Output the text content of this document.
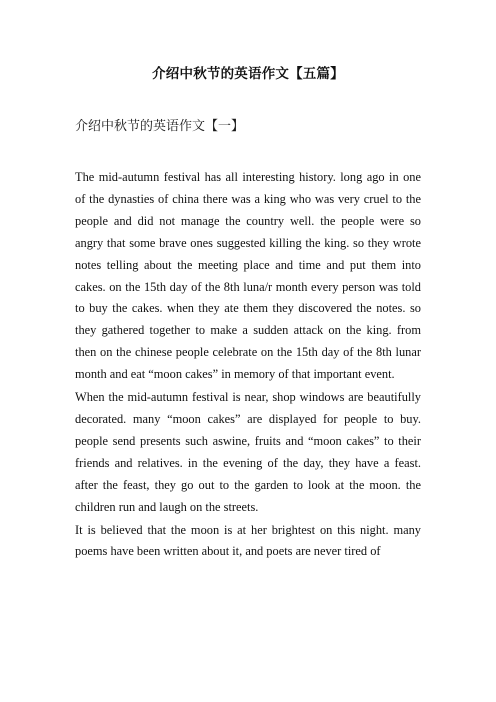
介绍中秋节的英语作文【五篇】
介绍中秋节的英语作文【一】

The mid-autumn festival has all interesting history. long ago in one of the dynasties of china there was a king who was very cruel to the people and did not manage the country well. the people were so angry that some brave ones suggested killing the king. so they wrote notes telling about the meeting place and time and put them into cakes. on the 15th day of the 8th luna/r month every person was told to buy the cakes. when they ate them they discovered the notes. so they gathered together to make a sudden attack on the king. from then on the chinese people celebrate on the 15th day of the 8th lunar month and eat “moon cakes” in memory of that important event.

When the mid-autumn festival is near, shop windows are beautifully decorated. many “moon cakes” are displayed for people to buy. people send presents such aswine, fruits and “moon cakes” to their friends and relatives. in the evening of the day, they have a feast. after the feast, they go out to the garden to look at the moon. the children run and laugh on the streets.

It is believed that the moon is at her brightest on this night. many poems have been written about it, and poets are never tired of
